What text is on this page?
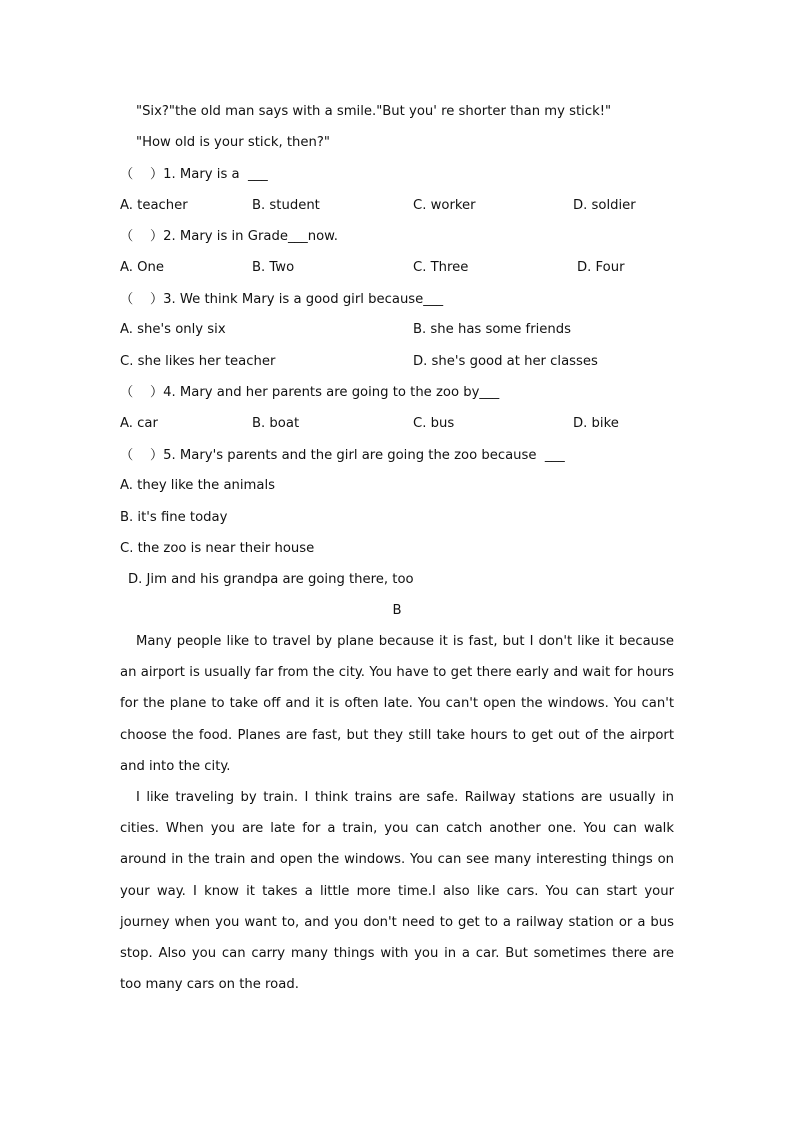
"Six?"the old man says with a smile."But you' re shorter than my stick!"
"How old is your stick, then?"
（    ）1. Mary is a  ___
A. teacher	B. student	C. worker	D. soldier
（    ）2. Mary is in Grade___now.
A. One	B. Two	C. Three	D. Four
（    ）3. We think Mary is a good girl because___
A. she's only six	B. she has some friends
C. she likes her teacher	D. she's good at her classes
（    ）4. Mary and her parents are going to the zoo by___
A. car	B. boat	C. bus	D. bike
（    ）5. Mary's parents and the girl are going the zoo because  ___
A. they like the animals
B. it's fine today
C. the zoo is near their house
D. Jim and his grandpa are going there, too
B

Many people like to travel by plane because it is fast, but I don't like it because an airport is usually far from the city. You have to get there early and wait for hours for the plane to take off and it is often late. You can't open the windows. You can't choose the food. Planes are fast, but they still take hours to get out of the airport and into the city.

I like traveling by train. I think trains are safe. Railway stations are usually in cities. When you are late for a train, you can catch another one. You can walk around in the train and open the windows. You can see many interesting things on your way. I know it takes a little more time.I also like cars. You can start your journey when you want to, and you don't need to get to a railway station or a bus stop. Also you can carry many things with you in a car. But sometimes there are too many cars on the road.
